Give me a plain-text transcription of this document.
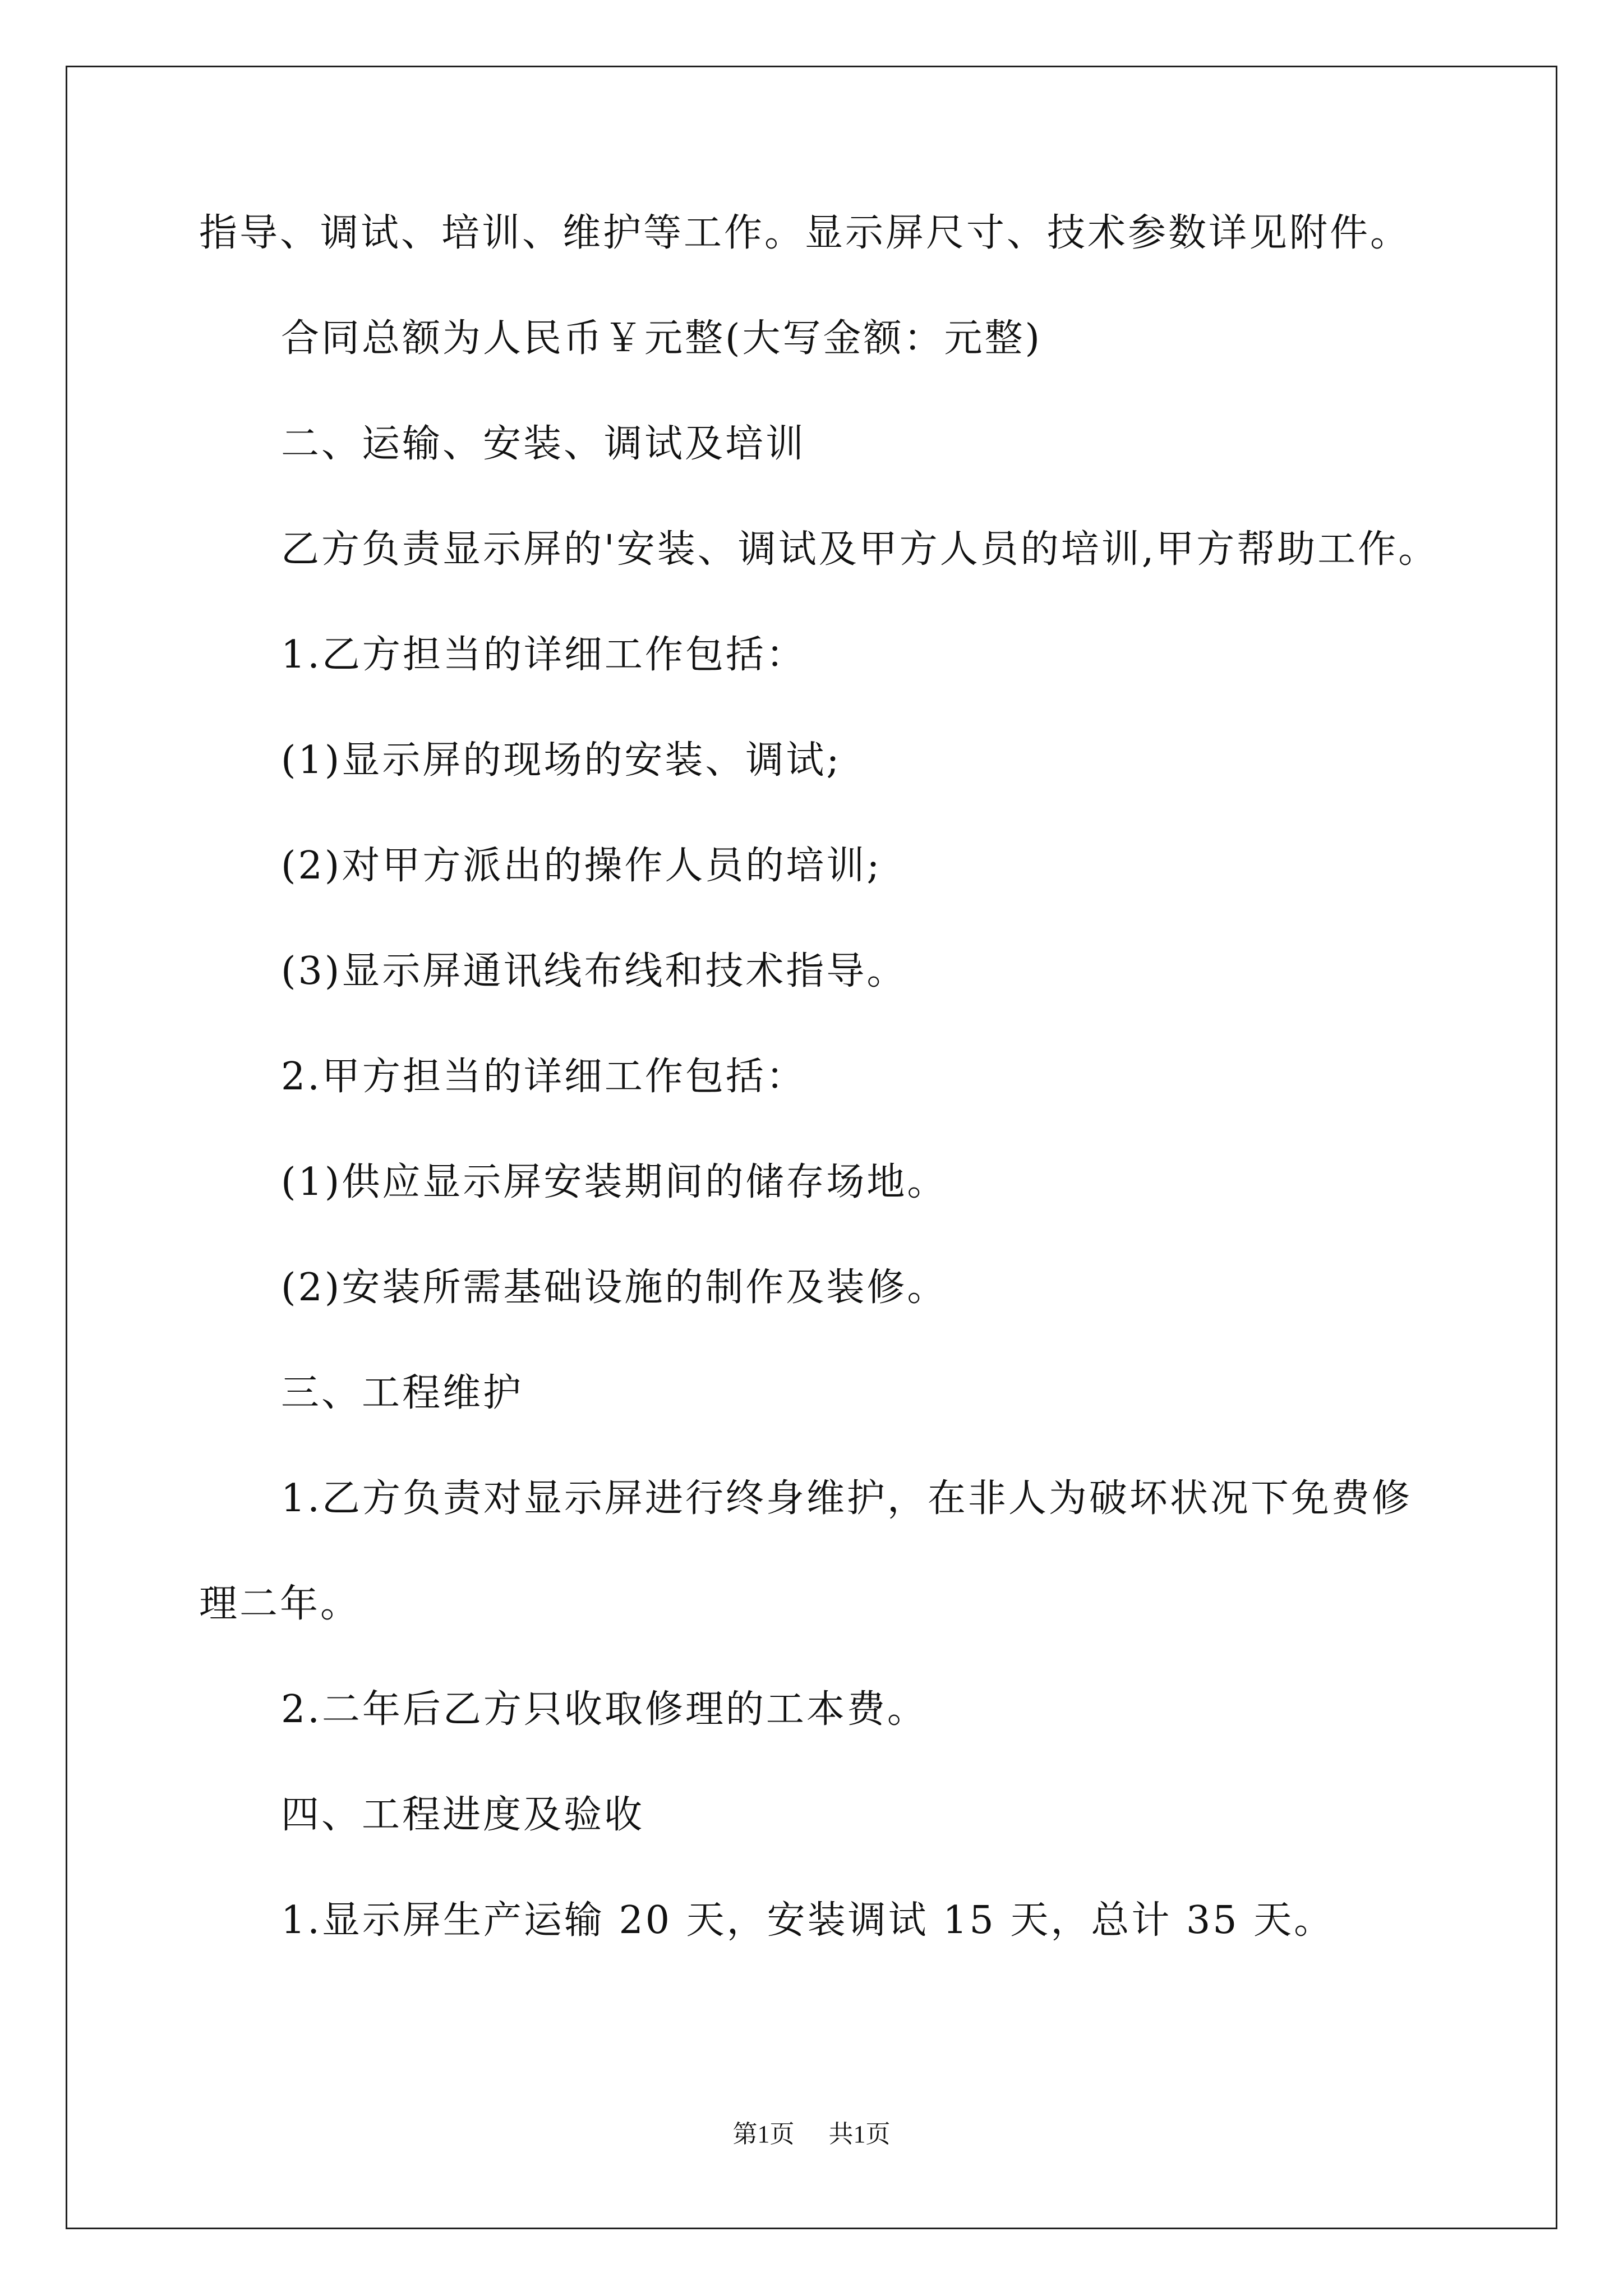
指导、调试、培训、维护等工作。显示屏尺寸、技术参数详见附件。

合同总额为人民币￥元整(大写金额：元整)

二、运输、安装、调试及培训

乙方负责显示屏的'安装、调试及甲方人员的培训,甲方帮助工作。

1.乙方担当的详细工作包括：

(1)显示屏的现场的安装、调试;

(2)对甲方派出的操作人员的培训;

(3)显示屏通讯线布线和技术指导。

2.甲方担当的详细工作包括：

(1)供应显示屏安装期间的储存场地。

(2)安装所需基础设施的制作及装修。

三、工程维护

1.乙方负责对显示屏进行终身维护，在非人为破坏状况下免费修

理二年。

2.二年后乙方只收取修理的工本费。

四、工程进度及验收

1.显示屏生产运输 20 天，安装调试 15 天，总计 35 天。

第1页 共1页
